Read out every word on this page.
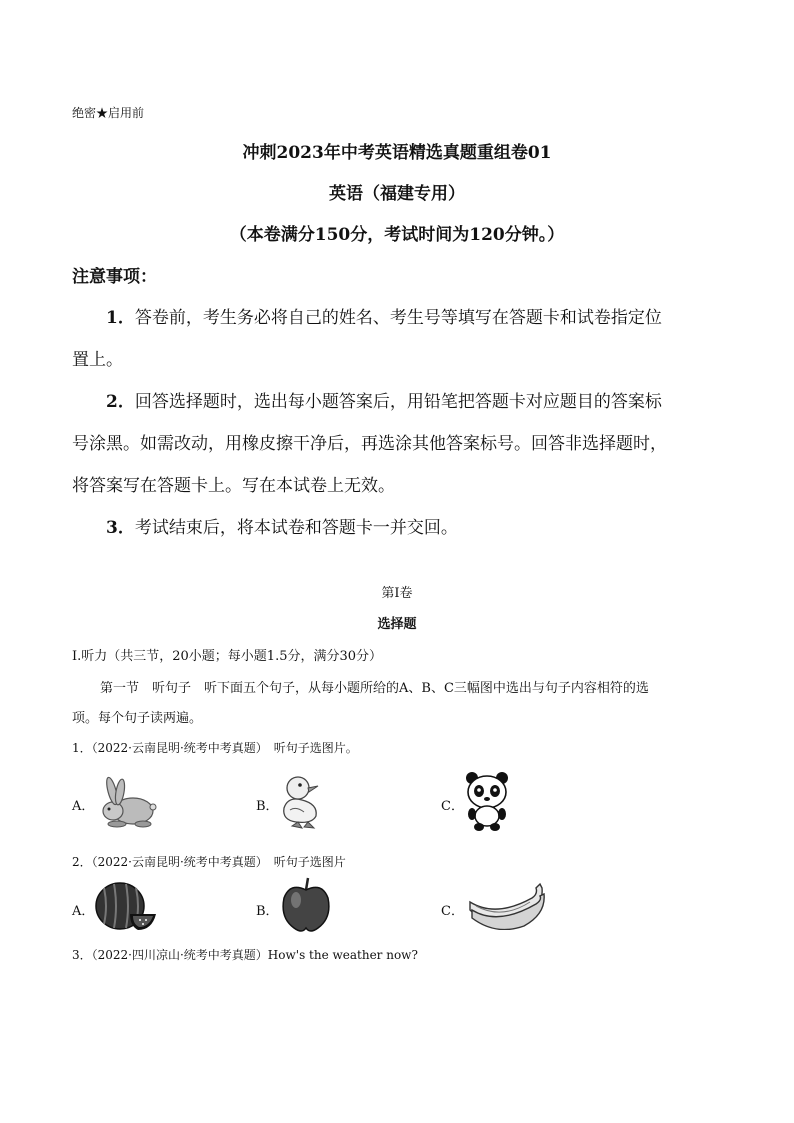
绝密★启用前
冲刺2023年中考英语精选真题重组卷01
英语（福建专用）
（本卷满分150分，考试时间为120分钟。）
注意事项：
1．答卷前，考生务必将自己的姓名、考生号等填写在答题卡和试卷指定位
置上。
2．回答选择题时，选出每小题答案后，用铅笔把答题卡对应题目的答案标
号涂黑。如需改动，用橡皮擦干净后，再选涂其他答案标号。回答非选择题时，
将答案写在答题卡上。写在本试卷上无效。
3．考试结束后，将本试卷和答题卡一并交回。
第Ⅰ卷
选择题
Ⅰ.听力（共三节，20小题；每小题1.5分，满分30分）
第一节　听句子　听下面五个句子，从每小题所给的A、B、C三幅图中选出与句子内容相符的选
项。每个句子读两遍。
1．（2022·云南昆明·统考中考真题）　听句子选图片。
A．	B．	C．
2．（2022·云南昆明·统考中考真题）　听句子选图片
A．	B．	C．
3．（2022·四川凉山·统考中考真题）How's the weather now?
